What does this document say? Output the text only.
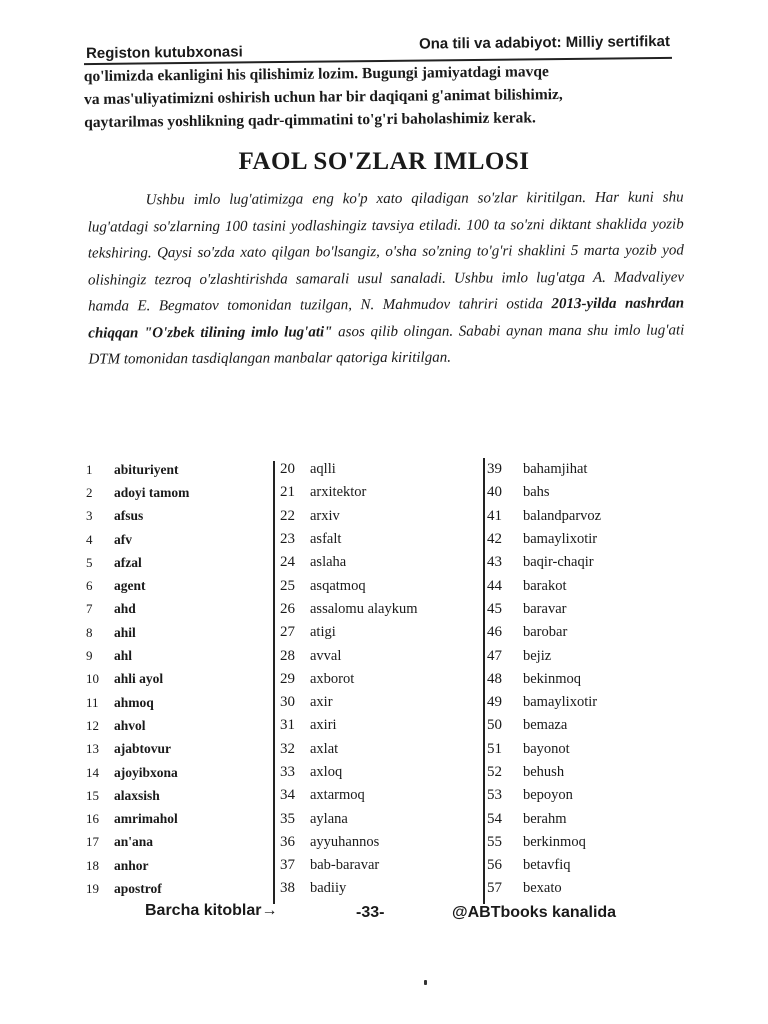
Registon kutubxonasi
Ona tili va adabiyot: Milliy sertifikat

qo'limizda ekanligini his qilishimiz lozim. Bugungi jamiyatdagi mavqe

va mas'uliyatimizni oshirish uchun har bir daqiqani g'animat bilishimiz,

qaytarilmas yoshlikning qadr-qimmatini to'g'ri baholashimiz kerak.

FAOL SO'ZLAR IMLOSI

Ushbu imlo lug'atimizga eng ko'p xato qiladigan so'zlar kiritilgan. Har kuni shu lug'atdagi so'zlarning 100 tasini yodlashingiz tavsiya etiladi. 100 ta so'zni diktant shaklida yozib tekshiring. Qaysi so'zda xato qilgan bo'lsangiz, o'sha so'zning to'g'ri shaklini 5 marta yozib yod olishingiz tezroq o'zlashtirishda samarali usul sanaladi. Ushbu imlo lug'atga A. Madvaliyev hamda E. Begmatov tomonidan tuzilgan, N. Mahmudov tahriri ostida 2013-yilda nashrdan chiqqan "O'zbek tilining imlo lug'ati" asos qilib olingan. Sababi aynan mana shu imlo lug'ati DTM tomonidan tasdiqlangan manbalar qatoriga kiritilgan.

1	abituriyent
2	adoyi tamom
3	afsus
4	afv
5	afzal
6	agent
7	ahd
8	ahil
9	ahl
10	ahli ayol
11	ahmoq
12	ahvol
13	ajabtovur
14	ajoyibxona
15	alaxsish
16	amrimahol
17	an'ana
18	anhor
19	apostrof
20	aqlli
21	arxitektor
22	arxiv
23	asfalt
24	aslaha
25	asqatmoq
26	assalomu alaykum
27	atigi
28	avval
29	axborot
30	axir
31	axiri
32	axlat
33	axloq
34	axtarmoq
35	aylana
36	ayyuhannos
37	bab-baravar
38	badiiy
39	bahamjihat
40	bahs
41	balandparvoz
42	bamaylixotir
43	baqir-chaqir
44	barakot
45	baravar
46	barobar
47	bejiz
48	bekinmoq
49	bamaylixotir
50	bemaza
51	bayonot
52	behush
53	bepoyon
54	berahm
55	berkinmoq
56	betavfiq
57	bexato
Barcha kitoblar→	-33-	@ABTbooks kanalida
